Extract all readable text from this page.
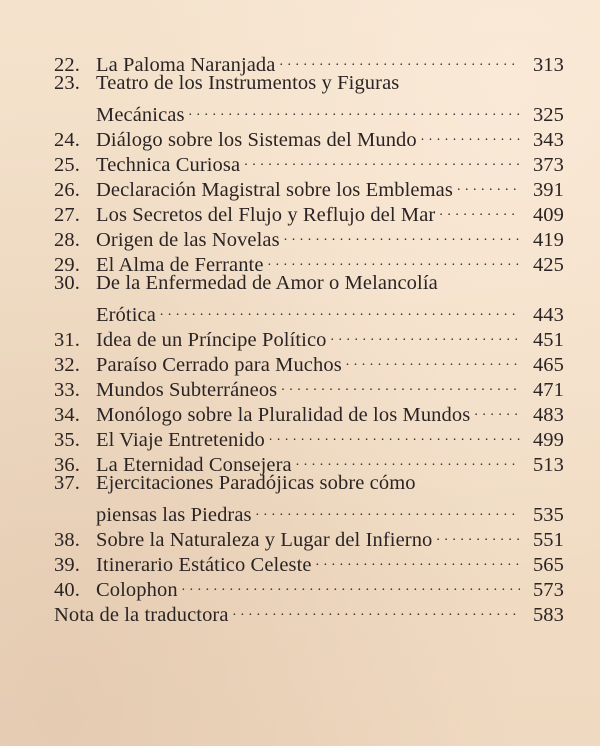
22. La Paloma Naranjada . . .	313
23. Teatro de los Instrumentos y Figuras
Mecánicas . . .	325
24. Diálogo sobre los Sistemas del Mundo . . .	343
25. Technica Curiosa . . .	373
26. Declaración Magistral sobre los Emblemas . . .	391
27. Los Secretos del Flujo y Reflujo del Mar . . .	409
28. Origen de las Novelas . . .	419
29. El Alma de Ferrante . . .	425
30. De la Enfermedad de Amor o Melancolía
Erótica . . .	443
31. Idea de un Príncipe Político . . .	451
32. Paraíso Cerrado para Muchos . . .	465
33. Mundos Subterráneos . . .	471
34. Monólogo sobre la Pluralidad de los Mundos . . .	483
35. El Viaje Entretenido . . .	499
36. La Eternidad Consejera . . .	513
37. Ejercitaciones Paradójicas sobre cómo
piensas las Piedras . . .	535
38. Sobre la Naturaleza y Lugar del Infierno . . .	551
39. Itinerario Estático Celeste . . .	565
40. Colophon . . .	573
Nota de la traductora . . .	583
